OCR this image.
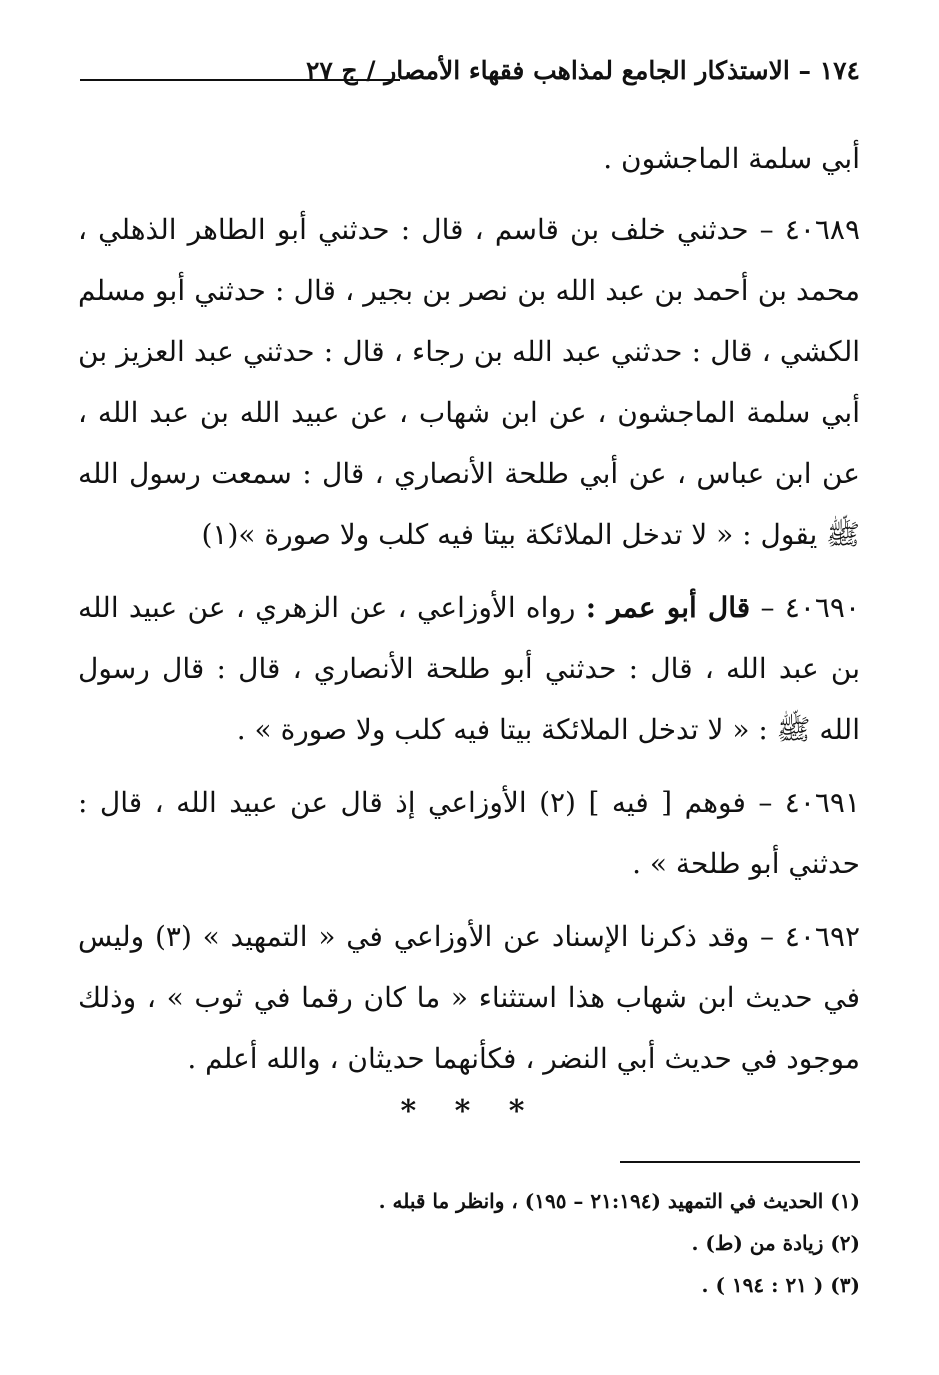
١٧٤ – الاستذكار الجامع لمذاهب فقهاء الأمصار / ج ٢٧

أبي سلمة الماجشون .

٤٠٦٨٩ – حدثني خلف بن قاسم ، قال : حدثني أبو الطاهر الذهلي ، محمد بن أحمد بن عبد الله بن نصر بن بجير ، قال : حدثني أبو مسلم الكشي ، قال : حدثني عبد الله بن رجاء ، قال : حدثني عبد العزيز بن أبي سلمة الماجشون ، عن ابن شهاب ، عن عبيد الله بن عبد الله ، عن ابن عباس ، عن أبي طلحة الأنصاري ، قال : سمعت رسول الله ﷺ يقول : « لا تدخل الملائكة بيتا فيه كلب ولا صورة »(١)

٤٠٦٩٠ – قال أبو عمر : رواه الأوزاعي ، عن الزهري ، عن عبيد الله بن عبد الله ، قال : حدثني أبو طلحة الأنصاري ، قال : قال رسول الله ﷺ : « لا تدخل الملائكة بيتا فيه كلب ولا صورة » .

٤٠٦٩١ – فوهم [ فيه ] (٢) الأوزاعي إذ قال عن عبيد الله ، قال : حدثني أبو طلحة » .

٤٠٦٩٢ – وقد ذكرنا الإسناد عن الأوزاعي في « التمهيد » (٣) وليس في حديث ابن شهاب هذا استثناء « ما كان رقما في ثوب » ، وذلك موجود في حديث أبي النضر ، فكأنهما حديثان ، والله أعلم .

* * *

(١) الحديث في التمهيد (٢١:١٩٤ – ١٩٥) ، وانظر ما قبله .

(٢) زيادة من (ط) .

(٣) ( ٢١ : ١٩٤ ) .
